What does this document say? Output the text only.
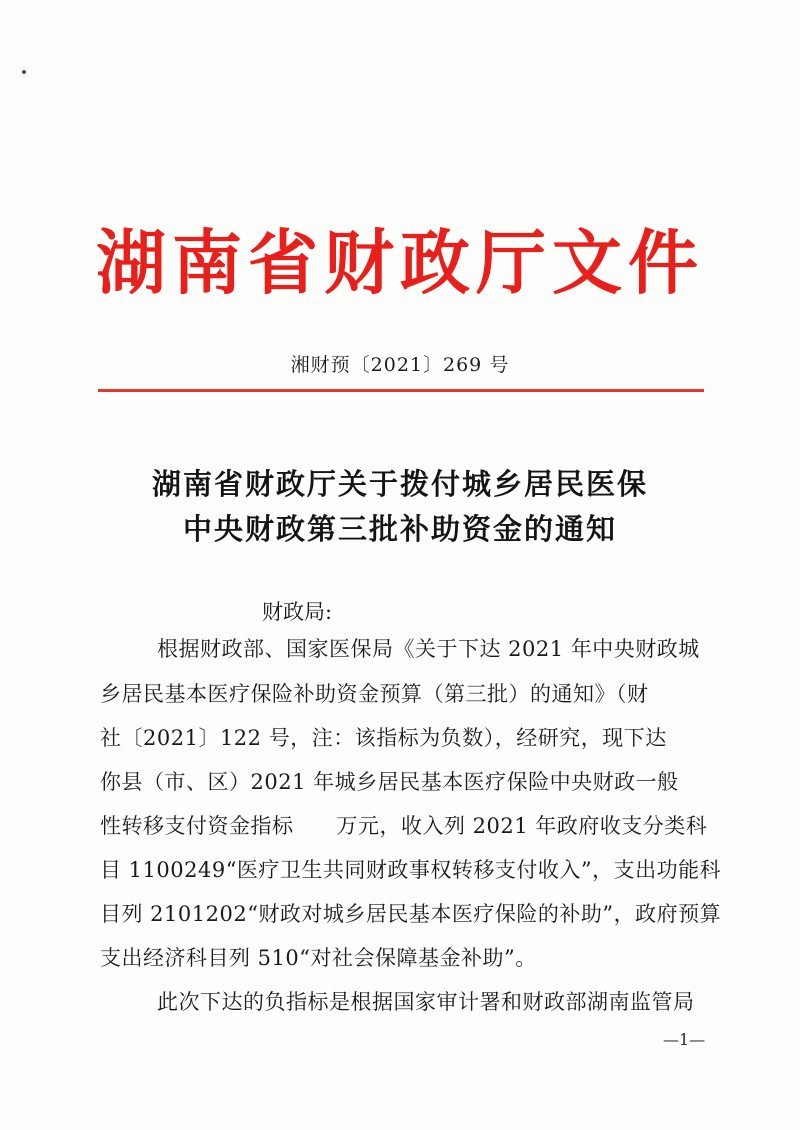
湖南省财政厅文件
湘财预〔2021〕269 号
湖南省财政厅关于拨付城乡居民医保
中央财政第三批补助资金的通知
财政局:
根据财政部、国家医保局《关于下达 2021 年中央财政城
乡居民基本医疗保险补助资金预算（第三批）的通知》（财
社〔2021〕122 号，注：该指标为负数），经研究，现下达
你县（市、区）2021 年城乡居民基本医疗保险中央财政一般
性转移支付资金指标　　万元，收入列 2021 年政府收支分类科
目 1100249“医疗卫生共同财政事权转移支付收入”，支出功能科
目列 2101202“财政对城乡居民基本医疗保险的补助”，政府预算
支出经济科目列 510“对社会保障基金补助”。
此次下达的负指标是根据国家审计署和财政部湖南监管局
—1—
